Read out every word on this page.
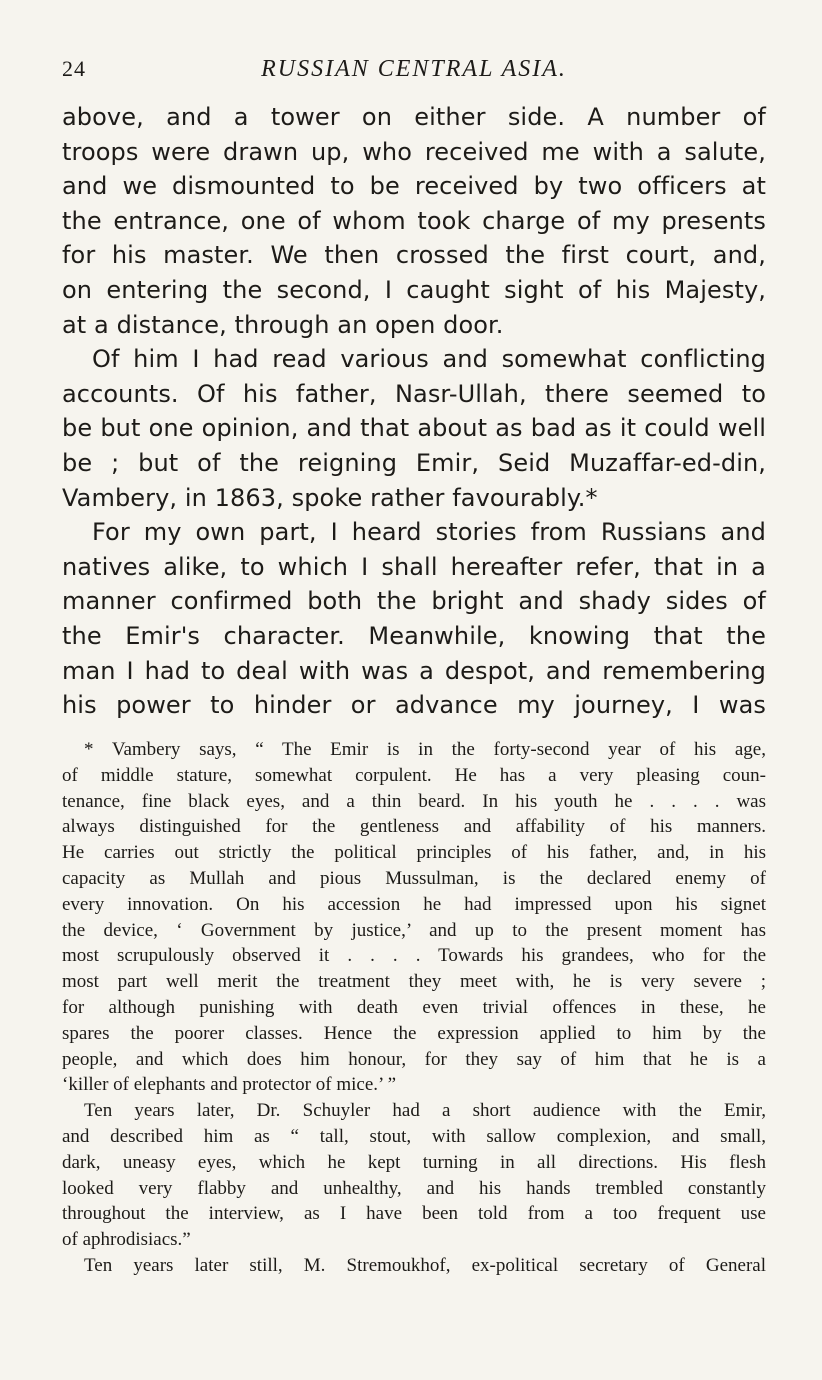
24	RUSSIAN CENTRAL ASIA.
above, and a tower on either side. A number of
troops were drawn up, who received me with a salute,
and we dismounted to be received by two officers at
the entrance, one of whom took charge of my presents
for his master. We then crossed the first court, and,
on entering the second, I caught sight of his Majesty,
at a distance, through an open door.
Of him I had read various and somewhat conflicting
accounts. Of his father, Nasr-Ullah, there seemed to
be but one opinion, and that about as bad as it could well
be ; but of the reigning Emir, Seid Muzaffar-ed-din,
Vambery, in 1863, spoke rather favourably.*
For my own part, I heard stories from Russians and
natives alike, to which I shall hereafter refer, that in a
manner confirmed both the bright and shady sides of
the Emir's character. Meanwhile, knowing that the
man I had to deal with was a despot, and remembering
his power to hinder or advance my journey, I was
* Vambery says, “ The Emir is in the forty-second year of his age,
of middle stature, somewhat corpulent. He has a very pleasing coun-
tenance, fine black eyes, and a thin beard. In his youth he . . . . was
always distinguished for the gentleness and affability of his manners.
He carries out strictly the political principles of his father, and, in his
capacity as Mullah and pious Mussulman, is the declared enemy of
every innovation. On his accession he had impressed upon his signet
the device, ‘ Government by justice,’ and up to the present moment has
most scrupulously observed it . . . . Towards his grandees, who for the
most part well merit the treatment they meet with, he is very severe ;
for although punishing with death even trivial offences in these, he
spares the poorer classes. Hence the expression applied to him by the
people, and which does him honour, for they say of him that he is a
‘killer of elephants and protector of mice.’ ”
Ten years later, Dr. Schuyler had a short audience with the Emir,
and described him as “ tall, stout, with sallow complexion, and small,
dark, uneasy eyes, which he kept turning in all directions. His flesh
looked very flabby and unhealthy, and his hands trembled constantly
throughout the interview, as I have been told from a too frequent use
of aphrodisiacs.”
Ten years later still, M. Stremoukhof, ex-political secretary of General
